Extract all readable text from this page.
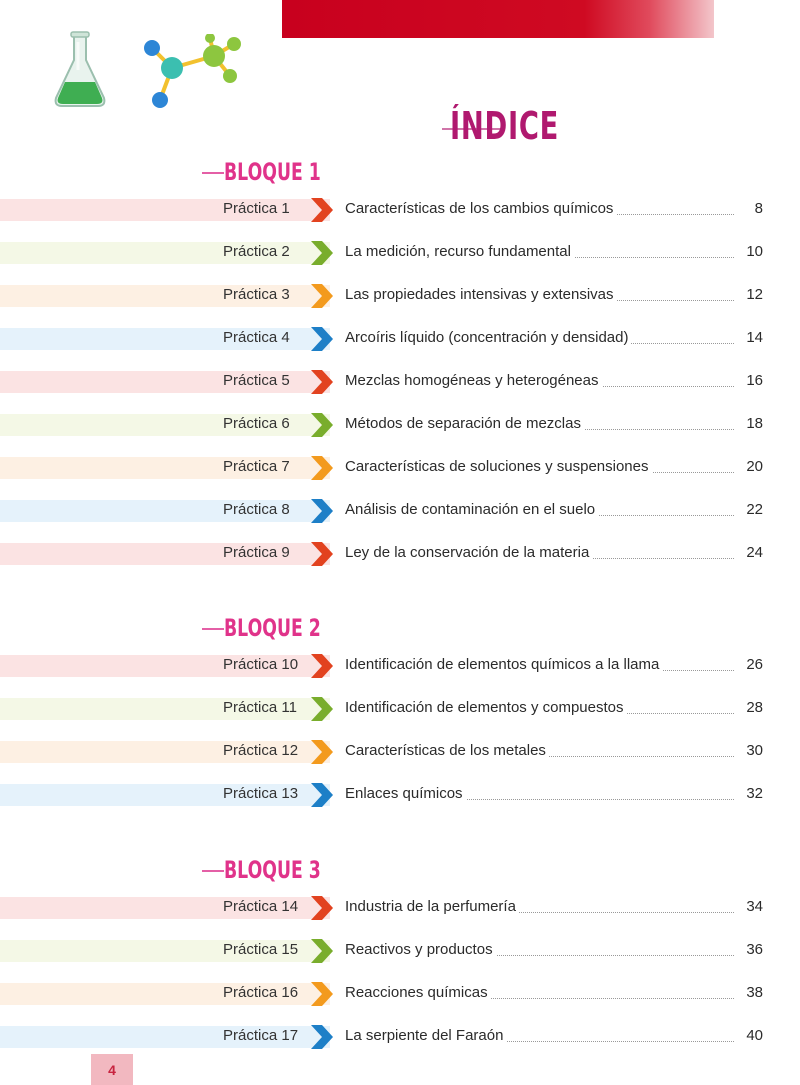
ÍNDICE
BLOQUE 1
Práctica 1	Características de los cambios químicos	8
Práctica 2	La medición, recurso fundamental	10
Práctica 3	Las propiedades intensivas y extensivas	12
Práctica 4	Arcoíris líquido (concentración y densidad)	14
Práctica 5	Mezclas homogéneas y heterogéneas	16
Práctica 6	Métodos de separación de mezclas	18
Práctica 7	Características de soluciones y suspensiones	20
Práctica 8	Análisis de contaminación en el suelo	22
Práctica 9	Ley de la conservación de la materia	24
BLOQUE 2
Práctica 10	Identificación de elementos químicos a la llama	26
Práctica 11	Identificación de elementos y compuestos	28
Práctica 12	Características de los metales	30
Práctica 13	Enlaces químicos	32
BLOQUE 3
Práctica 14	Industria de la perfumería	34
Práctica 15	Reactivos y productos	36
Práctica 16	Reacciones químicas	38
Práctica 17	La serpiente del Faraón	40
4
